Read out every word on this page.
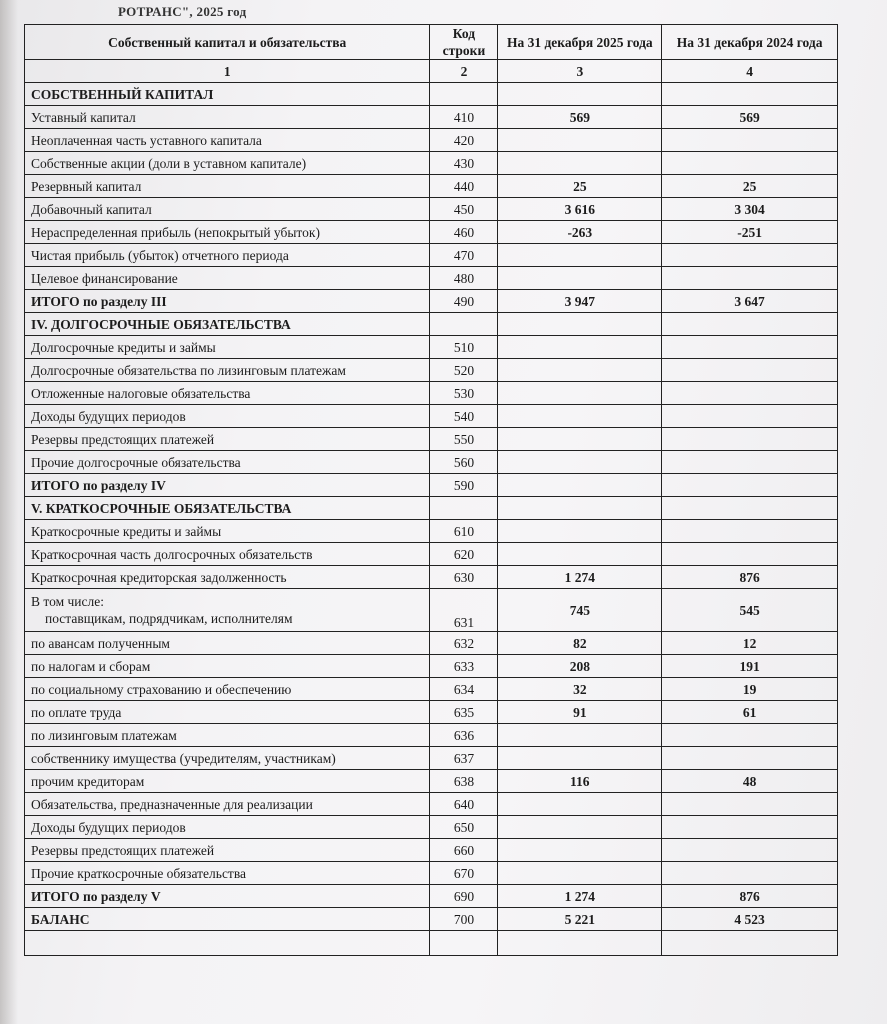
РОТРАНС", 2025 год
Собственный капитал и обязательства	Код строки	На 31 декабря 2025 года	На 31 декабря 2024 года
1	2	3	4
СОБСТВЕННЫЙ КАПИТАЛ			
Уставный капитал	410	569	569
Неоплаченная часть уставного капитала	420		
Собственные акции (доли в уставном капитале)	430		
Резервный капитал	440	25	25
Добавочный капитал	450	3 616	3 304
Нераспределенная прибыль (непокрытый убыток)	460	-263	-251
Чистая прибыль (убыток) отчетного периода	470		
Целевое финансирование	480		
ИТОГО по разделу III	490	3 947	3 647
IV. ДОЛГОСРОЧНЫЕ ОБЯЗАТЕЛЬСТВА			
Долгосрочные кредиты и займы	510		
Долгосрочные обязательства по лизинговым платежам	520		
Отложенные налоговые обязательства	530		
Доходы будущих периодов	540		
Резервы предстоящих платежей	550		
Прочие долгосрочные обязательства	560		
ИТОГО по разделу IV	590		
V. КРАТКОСРОЧНЫЕ ОБЯЗАТЕЛЬСТВА			
Краткосрочные кредиты и займы	610		
Краткосрочная часть долгосрочных обязательств	620		
Краткосрочная кредиторская задолженность	630	1 274	876

В том числе:
поставщикам, подрядчикам, исполнителям	631	745	545
по авансам полученным	632	82	12
по налогам и сборам	633	208	191
по социальному страхованию и обеспечению	634	32	19
по оплате труда	635	91	61
по лизинговым платежам	636		
собственнику имущества (учредителям, участникам)	637		
прочим кредиторам	638	116	48
Обязательства, предназначенные для реализации	640		
Доходы будущих периодов	650		
Резервы предстоящих платежей	660		
Прочие краткосрочные обязательства	670		
ИТОГО по разделу V	690	1 274	876
БАЛАНС	700	5 221	4 523
